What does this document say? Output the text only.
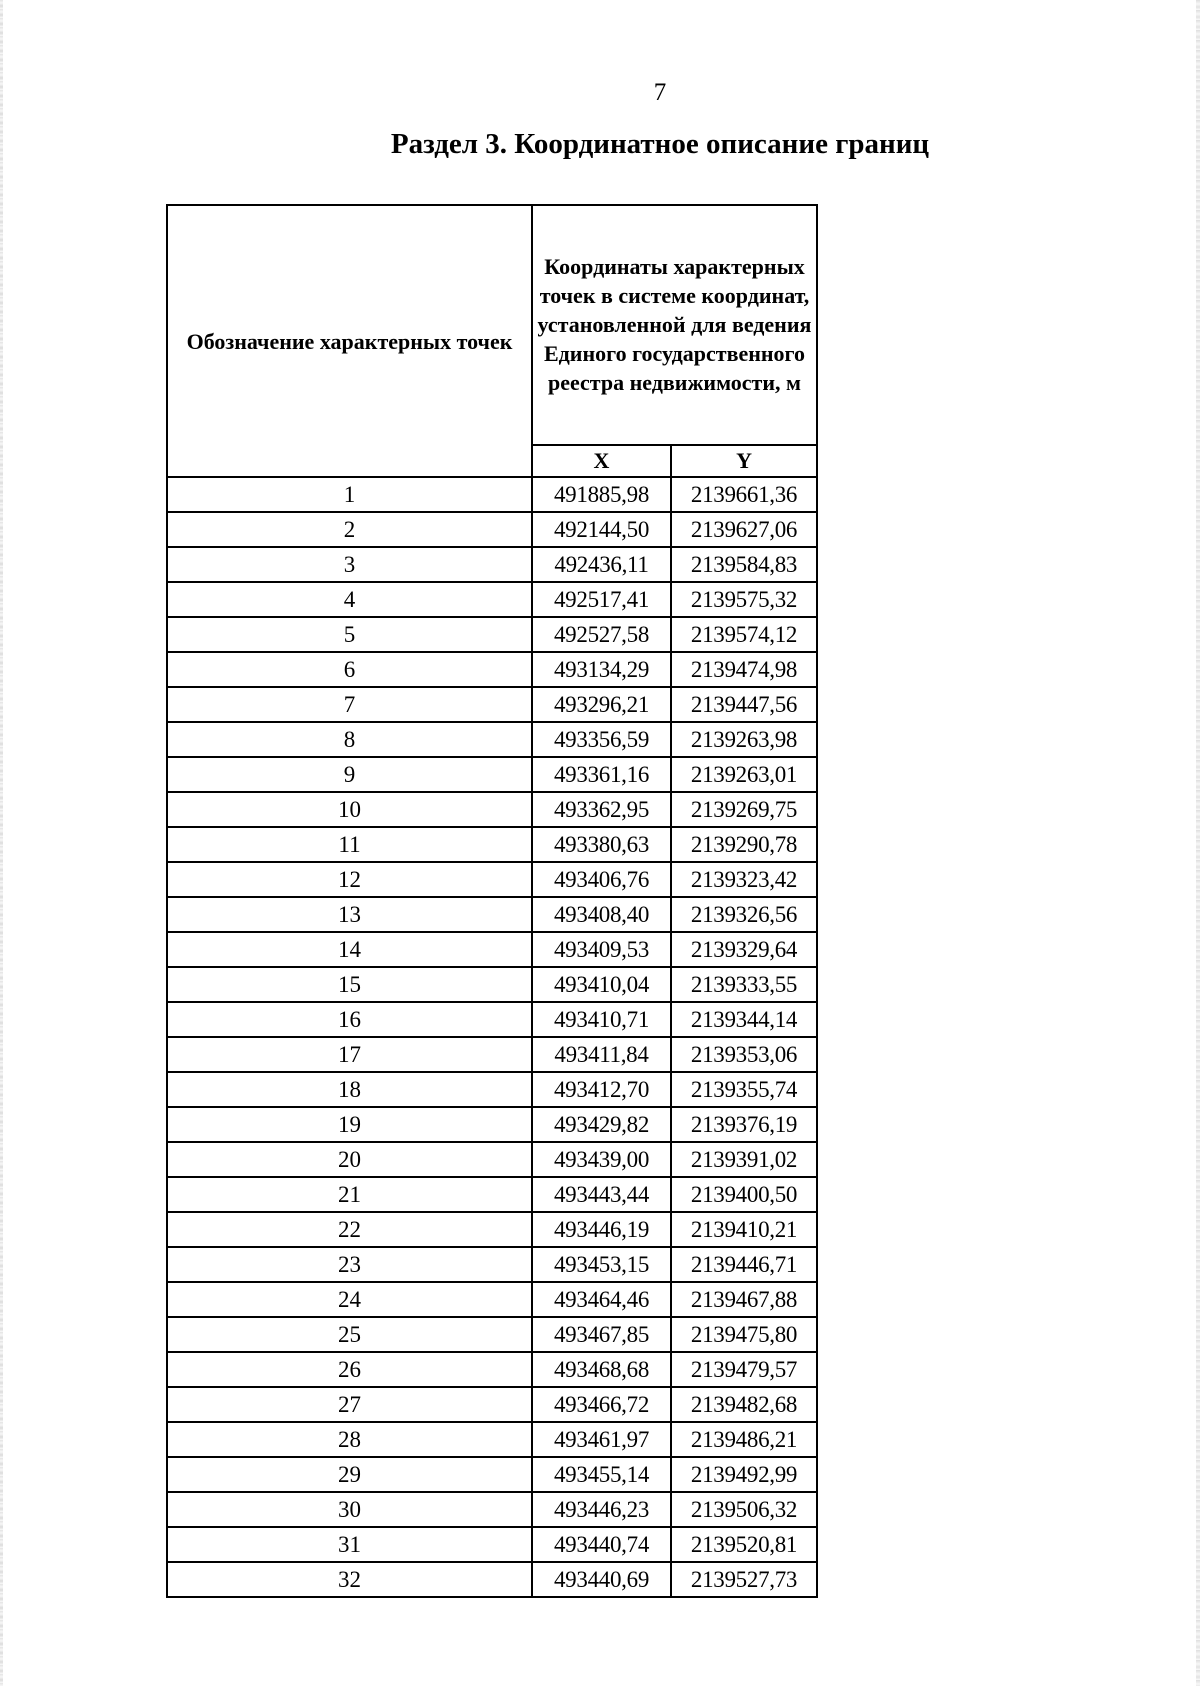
7
Раздел 3. Координатное описание границ
Обозначение характерных точек	Координаты характерных точек в системе координат, установленной для ведения Единого государственного реестра недвижимости, м	
	X	Y
1	491885,98	2139661,36
2	492144,50	2139627,06
3	492436,11	2139584,83
4	492517,41	2139575,32
5	492527,58	2139574,12
6	493134,29	2139474,98
7	493296,21	2139447,56
8	493356,59	2139263,98
9	493361,16	2139263,01
10	493362,95	2139269,75
11	493380,63	2139290,78
12	493406,76	2139323,42
13	493408,40	2139326,56
14	493409,53	2139329,64
15	493410,04	2139333,55
16	493410,71	2139344,14
17	493411,84	2139353,06
18	493412,70	2139355,74
19	493429,82	2139376,19
20	493439,00	2139391,02
21	493443,44	2139400,50
22	493446,19	2139410,21
23	493453,15	2139446,71
24	493464,46	2139467,88
25	493467,85	2139475,80
26	493468,68	2139479,57
27	493466,72	2139482,68
28	493461,97	2139486,21
29	493455,14	2139492,99
30	493446,23	2139506,32
31	493440,74	2139520,81
32	493440,69	2139527,73
